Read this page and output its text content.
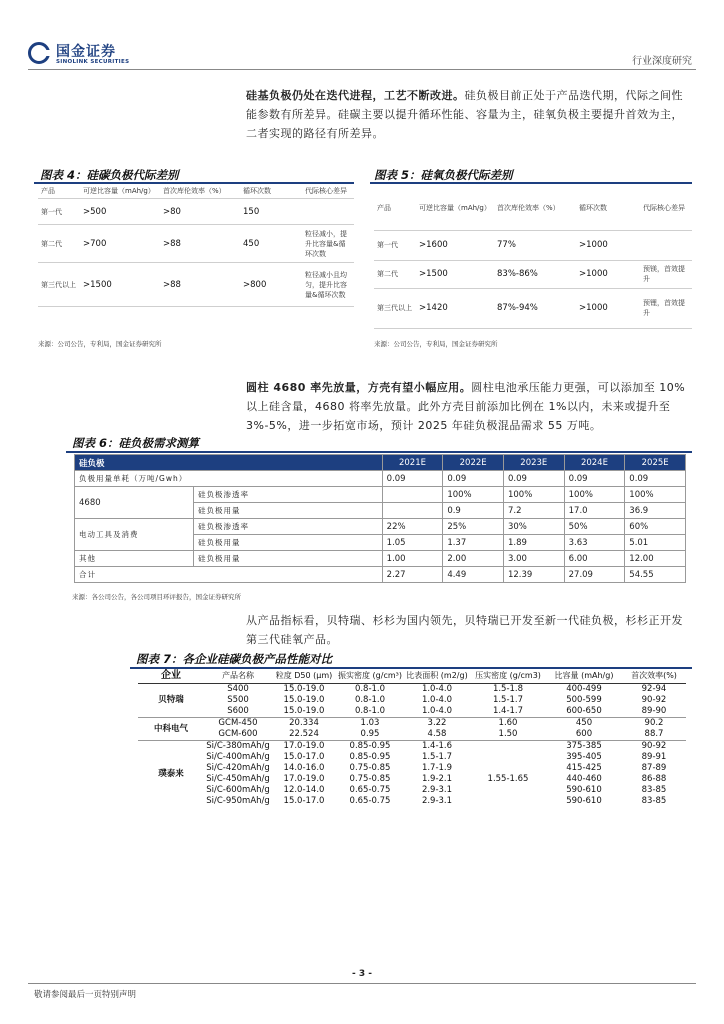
国金证券
SINOLINK SECURITIES	行业深度研究

硅基负极仍处在迭代进程，工艺不断改进。硅负极目前正处于产品迭代期，代际之间性能参数有所差异。硅碳主要以提升循环性能、容量为主，硅氧负极主要提升首效为主，二者实现的路径有所差异。

图表 4：硅碳负极代际差别
产品	可逆比容量（mAh/g）	首次库伦效率（%）	循环次数	代际核心差异
第一代	>500	>80	150	
第二代	>700	>88	450	粒径减小，提升比容量&循环次数
第三代以上	>1500	>88	>800	粒径减小且均匀，提升比容量&循环次数
来源：公司公告，专利局，国金证券研究所
图表 5：硅氧负极代际差别
产品	可逆比容量（mAh/g）	首次库伦效率（%）	循环次数	代际核心差异
第一代	>1600	77%	>1000	
第二代	>1500	83%-86%	>1000	预镁，首效提升
第三代以上	>1420	87%-94%	>1000	预锂，首效提升
来源：公司公告，专利局，国金证券研究所

圆柱 4680 率先放量，方壳有望小幅应用。圆柱电池承压能力更强，可以添加至 10%以上硅含量，4680 将率先放量。此外方壳目前添加比例在 1%以内，未来或提升至 3%-5%，进一步拓宽市场，预计 2025 年硅负极混品需求 55 万吨。

图表 6：硅负极需求测算
硅负极		2021E	2022E	2023E	2024E	2025E
负极用量单耗（万吨/Gwh）		0.09	0.09	0.09	0.09	0.09
4680	硅负极渗透率		100%	100%	100%	100%
	硅负极用量		0.9	7.2	17.0	36.9
电动工具及消费	硅负极渗透率	22%	25%	30%	50%	60%
	硅负极用量	1.05	1.37	1.89	3.63	5.01
其他	硅负极用量	1.00	2.00	3.00	6.00	12.00
合计		2.27	4.49	12.39	27.09	54.55
来源：各公司公告，各公司项目环评报告，国金证券研究所

从产品指标看，贝特瑞、杉杉为国内领先，贝特瑞已开发至新一代硅负极，杉杉正开发第三代硅氧产品。

图表 7：各企业硅碳负极产品性能对比
企业	产品名称	粒度 D50 (μm)	振实密度 (g/cm³)	比表面积 (m2/g)	压实密度 (g/cm3)	比容量 (mAh/g)	首次效率(%)
贝特瑞	S400	15.0-19.0	0.8-1.0	1.0-4.0	1.5-1.8	400-499	92-94
	S500	15.0-19.0	0.8-1.0	1.0-4.0	1.5-1.7	500-599	90-92
	S600	15.0-19.0	0.8-1.0	1.0-4.0	1.4-1.7	600-650	89-90
中科电气	GCM-450	20.334	1.03	3.22	1.60	450	90.2
	GCM-600	22.524	0.95	4.58	1.50	600	88.7
璞泰来	Si/C-380mAh/g	17.0-19.0	0.85-0.95	1.4-1.6		375-385	90-92
	Si/C-400mAh/g	15.0-17.0	0.85-0.95	1.5-1.7		395-405	89-91
	Si/C-420mAh/g	14.0-16.0	0.75-0.85	1.7-1.9		415-425	87-89
	Si/C-450mAh/g	17.0-19.0	0.75-0.85	1.9-2.1	1.55-1.65	440-460	86-88
	Si/C-600mAh/g	12.0-14.0	0.65-0.75	2.9-3.1		590-610	83-85
	Si/C-950mAh/g	15.0-17.0	0.65-0.75	2.9-3.1		590-610	83-85
- 3 -
敬请参阅最后一页特别声明
